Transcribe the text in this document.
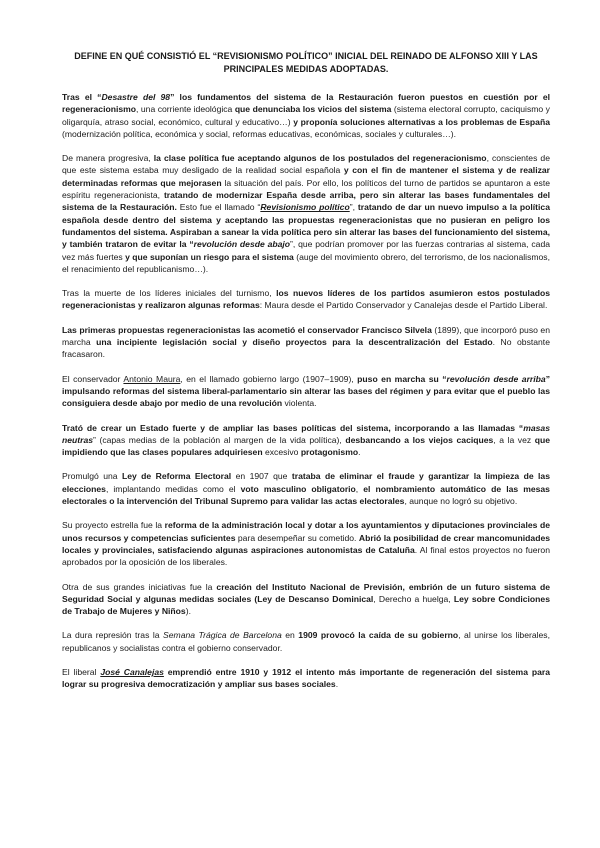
DEFINE EN QUÉ CONSISTIÓ EL “REVISIONISMO POLÍTICO” INICIAL DEL REINADO DE ALFONSO XIII Y LAS PRINCIPALES MEDIDAS ADOPTADAS.

Tras el “Desastre del 98” los fundamentos del sistema de la Restauración fueron puestos en cuestión por el regeneracionismo, una corriente ideológica que denunciaba los vicios del sistema (sistema electoral corrupto, caciquismo y oligarquía, atraso social, económico, cultural y educativo…) y proponía soluciones alternativas a los problemas de España (modernización política, económica y social, reformas educativas, económicas, sociales y culturales…).

De manera progresiva, la clase política fue aceptando algunos de los postulados del regeneracionismo, conscientes de que este sistema estaba muy desligado de la realidad social española y con el fin de mantener el sistema y de realizar determinadas reformas que mejorasen la situación del país. Por ello, los políticos del turno de partidos se apuntaron a este espíritu regeneracionista, tratando de modernizar España desde arriba, pero sin alterar las bases fundamentales del sistema de la Restauración. Esto fue el llamado “Revisionismo político”, tratando de dar un nuevo impulso a la política española desde dentro del sistema y aceptando las propuestas regeneracionistas que no pusieran en peligro los fundamentos del sistema. Aspiraban a sanear la vida política pero sin alterar las bases del funcionamiento del sistema, y también trataron de evitar la “revolución desde abajo”, que podrían promover por las fuerzas contrarias al sistema, cada vez más fuertes y que suponían un riesgo para el sistema (auge del movimiento obrero, del terrorismo, de los nacionalismos, el renacimiento del republicanismo…).

Tras la muerte de los líderes iniciales del turnismo, los nuevos líderes de los partidos asumieron estos postulados regeneracionistas y realizaron algunas reformas: Maura desde el Partido Conservador y Canalejas desde el Partido Liberal.

Las primeras propuestas regeneracionistas las acometió el conservador Francisco Silvela (1899), que incorporó puso en marcha una incipiente legislación social y diseño proyectos para la descentralización del Estado. No obstante fracasaron.

El conservador Antonio Maura, en el llamado gobierno largo (1907–1909), puso en marcha su “revolución desde arriba” impulsando reformas del sistema liberal-parlamentario sin alterar las bases del régimen y para evitar que el pueblo las consiguiera desde abajo por medio de una revolución violenta.

Trató de crear un Estado fuerte y de ampliar las bases políticas del sistema, incorporando a las llamadas “masas neutras” (capas medias de la población al margen de la vida política), desbancando a los viejos caciques, a la vez que impidiendo que las clases populares adquiriesen excesivo protagonismo.

Promulgó una Ley de Reforma Electoral en 1907 que trataba de eliminar el fraude y garantizar la limpieza de las elecciones, implantando medidas como el voto masculino obligatorio, el nombramiento automático de las mesas electorales o la intervención del Tribunal Supremo para validar las actas electorales, aunque no logró su objetivo.

Su proyecto estrella fue la reforma de la administración local y dotar a los ayuntamientos y diputaciones provinciales de unos recursos y competencias suficientes para desempeñar su cometido. Abrió la posibilidad de crear mancomunidades locales y provinciales, satisfaciendo algunas aspiraciones autonomistas de Cataluña. Al final estos proyectos no fueron aprobados por la oposición de los liberales.

Otra de sus grandes iniciativas fue la creación del Instituto Nacional de Previsión, embrión de un futuro sistema de Seguridad Social y algunas medidas sociales (Ley de Descanso Dominical, Derecho a huelga, Ley sobre Condiciones de Trabajo de Mujeres y Niños).

La dura represión tras la Semana Trágica de Barcelona en 1909 provocó la caída de su gobierno, al unirse los liberales, republicanos y socialistas contra el gobierno conservador.

El liberal José Canalejas emprendió entre 1910 y 1912 el intento más importante de regeneración del sistema para lograr su progresiva democratización y ampliar sus bases sociales.
